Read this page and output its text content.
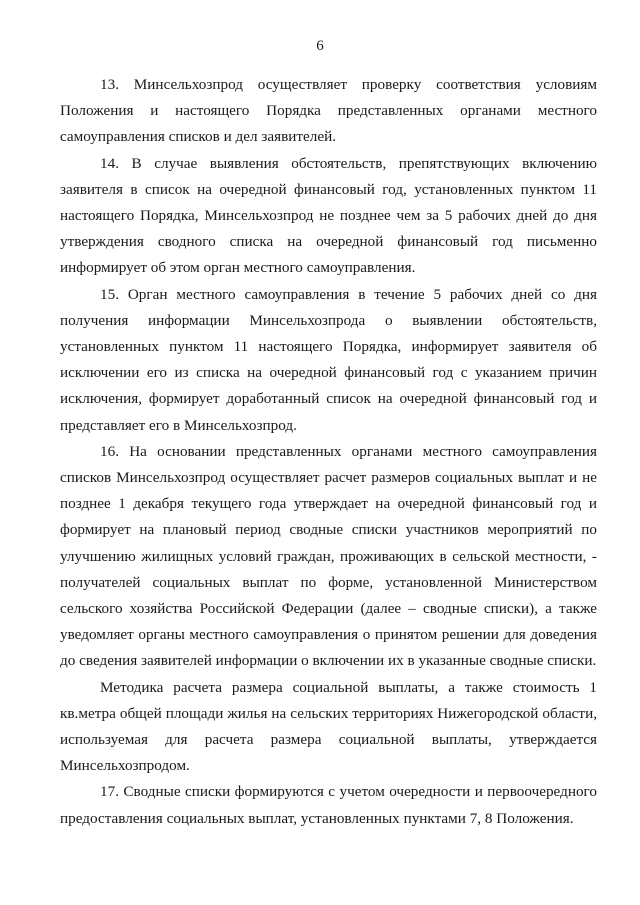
6

13. Минсельхозпрод осуществляет проверку соответствия условиям Положения и настоящего Порядка представленных органами местного самоуправления списков и дел заявителей.

14. В случае выявления обстоятельств, препятствующих включению заявителя в список на очередной финансовый год, установленных пунктом 11 настоящего Порядка, Минсельхозпрод не позднее чем за 5 рабочих дней до дня утверждения сводного списка на очередной финансовый год письменно информирует об этом орган местного самоуправления.

15. Орган местного самоуправления в течение 5 рабочих дней со дня получения информации Минсельхозпрода о выявлении обстоятельств, установленных пунктом 11 настоящего Порядка, информирует заявителя об исключении его из списка на очередной финансовый год с указанием причин исключения, формирует доработанный список на очередной финансовый год и представляет его в Минсельхозпрод.

16. На основании представленных органами местного самоуправления списков Минсельхозпрод осуществляет расчет размеров социальных выплат и не позднее 1 декабря текущего года утверждает на очередной финансовый год и формирует на плановый период сводные списки участников мероприятий по улучшению жилищных условий граждан, проживающих в сельской местности, - получателей социальных выплат по форме, установленной Министерством сельского хозяйства Российской Федерации (далее – сводные списки), а также уведомляет органы местного самоуправления о принятом решении для доведения до сведения заявителей информации о включении их в указанные сводные списки.

Методика расчета размера социальной выплаты, а также стоимость 1 кв.метра общей площади жилья на сельских территориях Нижегородской области, используемая для расчета размера социальной выплаты, утверждается Минсельхозпродом.

17. Сводные списки формируются с учетом очередности и первоочередного предоставления социальных выплат, установленных пунктами 7, 8 Положения.
